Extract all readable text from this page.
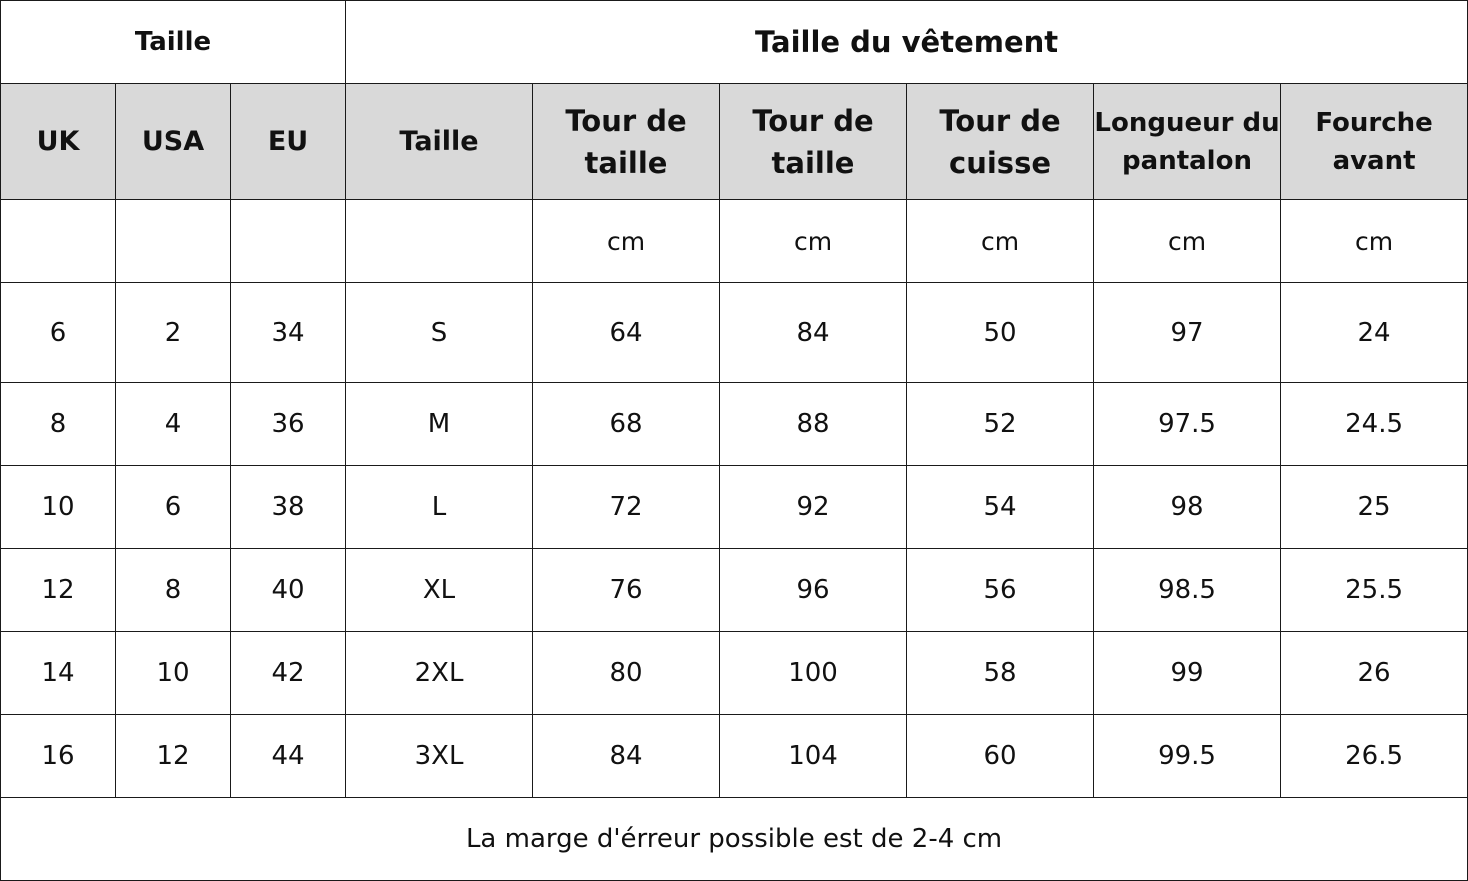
Taille			Taille du vêtement					
UK	USA	EU	Taille	Tour de taille	Tour de taille	Tour de cuisse	Longueur du pantalon	Fourche avant
				cm	cm	cm	cm	cm
6	2	34	S	64	84	50	97	24
8	4	36	M	68	88	52	97.5	24.5
10	6	38	L	72	92	54	98	25
12	8	40	XL	76	96	56	98.5	25.5
14	10	42	2XL	80	100	58	99	26
16	12	44	3XL	84	104	60	99.5	26.5
La marge d'érreur possible est de 2-4 cm								
